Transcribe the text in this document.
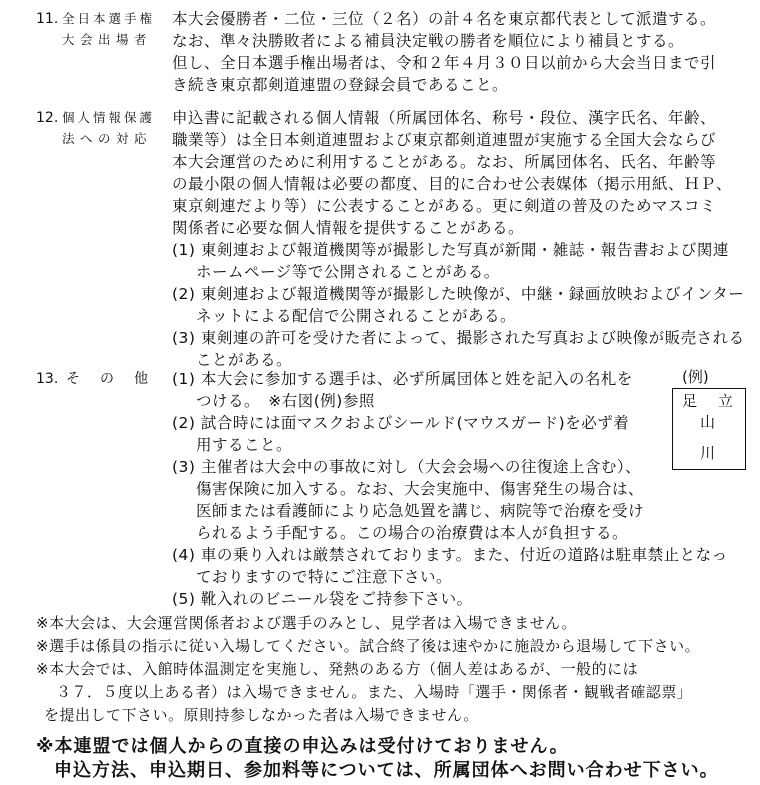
11. 全日本選手権
大会出場者
本大会優勝者・二位・三位（２名）の計４名を東京都代表として派遣する。
なお、準々決勝敗者による補員決定戦の勝者を順位により補員とする。
但し、全日本選手権出場者は、令和２年４月３０日以前から大会当日まで引
き続き東京都剣道連盟の登録会員であること。
12. 個人情報保護
法への対応
申込書に記載される個人情報（所属団体名、称号・段位、漢字氏名、年齢、
職業等）は全日本剣道連盟および東京都剣道連盟が実施する全国大会ならび
本大会運営のために利用することがある。なお、所属団体名、氏名、年齢等
の最小限の個人情報は必要の都度、目的に合わせ公表媒体（掲示用紙、ＨＰ、
東京剣連だより等）に公表することがある。更に剣道の普及のためマスコミ
関係者に必要な個人情報を提供することがある。
(1) 東剣連および報道機関等が撮影した写真が新聞・雑誌・報告書および関連
ホームページ等で公開されることがある。
(2) 東剣連および報道機関等が撮影した映像が、中継・録画放映およびインター
ネットによる配信で公開されることがある。
(3) 東剣連の許可を受けた者によって、撮影された写真および映像が販売される
ことがある。
13. その他 (1) 本大会に参加する選手は、必ず所属団体と姓を記入の名札を
つける。　※右図(例)参照
(2) 試合時には面マスクおよびシールド(マウスガード)を必ず着
用すること。
(3) 主催者は大会中の事故に対し（大会会場への往復途上含む）、
傷害保険に加入する。なお、大会実施中、傷害発生の場合は、
医師または看護師により応急処置を講じ、病院等で治療を受け
られるよう手配する。この場合の治療費は本人が負担する。
(4) 車の乗り入れは厳禁されております。また、付近の道路は駐車禁止となっ
ておりますので特にご注意下さい。
(5) 靴入れのビニール袋をご持参下さい。
(例)
足 立
山
川
※本大会は、大会運営関係者および選手のみとし、見学者は入場できません。
※選手は係員の指示に従い入場してください。試合終了後は速やかに施設から退場して下さい。
※本大会では、入館時体温測定を実施し、発熱のある方（個人差はあるが、一般的には
３７．５度以上ある者）は入場できません。また、入場時「選手・関係者・観戦者確認票」
を提出して下さい。原則持参しなかった者は入場できません。
※本連盟では個人からの直接の申込みは受付けておりません。
申込方法、申込期日、参加料等については、所属団体へお問い合わせ下さい。
